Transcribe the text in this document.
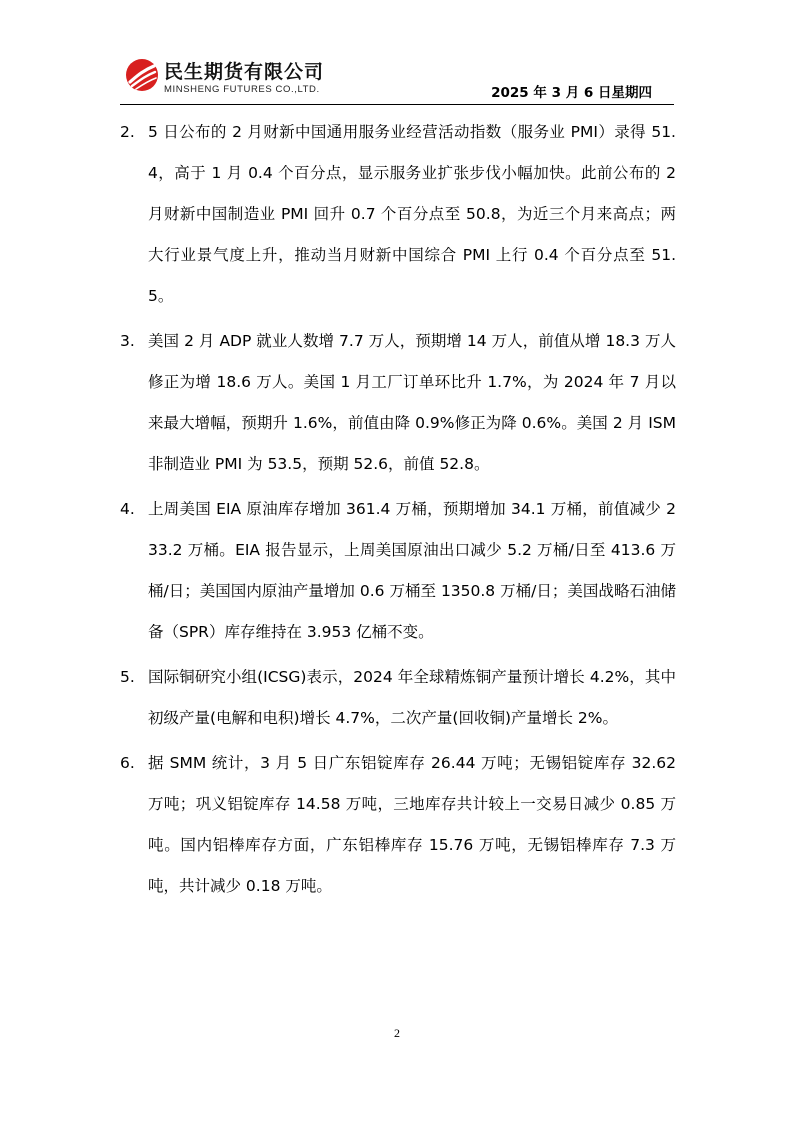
民生期货有限公司
MINSHENG FUTURES CO.,LTD.	2025 年 3 月 6 日星期四
2. 5 日公布的 2 月财新中国通用服务业经营活动指数（服务业 PMI）录得 51.4，高于 1 月 0.4 个百分点，显示服务业扩张步伐小幅加快。此前公布的 2 月财新中国制造业 PMI 回升 0.7 个百分点至 50.8，为近三个月来高点；两大行业景气度上升，推动当月财新中国综合 PMI 上行 0.4 个百分点至 51.5。
3. 美国 2 月 ADP 就业人数增 7.7 万人，预期增 14 万人，前值从增 18.3 万人修正为增 18.6 万人。美国 1 月工厂订单环比升 1.7%，为 2024 年 7 月以来最大增幅，预期升 1.6%，前值由降 0.9%修正为降 0.6%。美国 2 月 ISM 非制造业 PMI 为 53.5，预期 52.6，前值 52.8。
4. 上周美国 EIA 原油库存增加 361.4 万桶，预期增加 34.1 万桶，前值减少 233.2 万桶。EIA 报告显示，上周美国原油出口减少 5.2 万桶/日至 413.6 万桶/日；美国国内原油产量增加 0.6 万桶至 1350.8 万桶/日；美国战略石油储备（SPR）库存维持在 3.953 亿桶不变。
5. 国际铜研究小组(ICSG)表示，2024 年全球精炼铜产量预计增长 4.2%，其中初级产量(电解和电积)增长 4.7%，二次产量(回收铜)产量增长 2%。
6. 据 SMM 统计，3 月 5 日广东铝锭库存 26.44 万吨；无锡铝锭库存 32.62 万吨；巩义铝锭库存 14.58 万吨，三地库存共计较上一交易日减少 0.85 万吨。国内铝棒库存方面，广东铝棒库存 15.76 万吨，无锡铝棒库存 7.3 万吨，共计减少 0.18 万吨。
2
